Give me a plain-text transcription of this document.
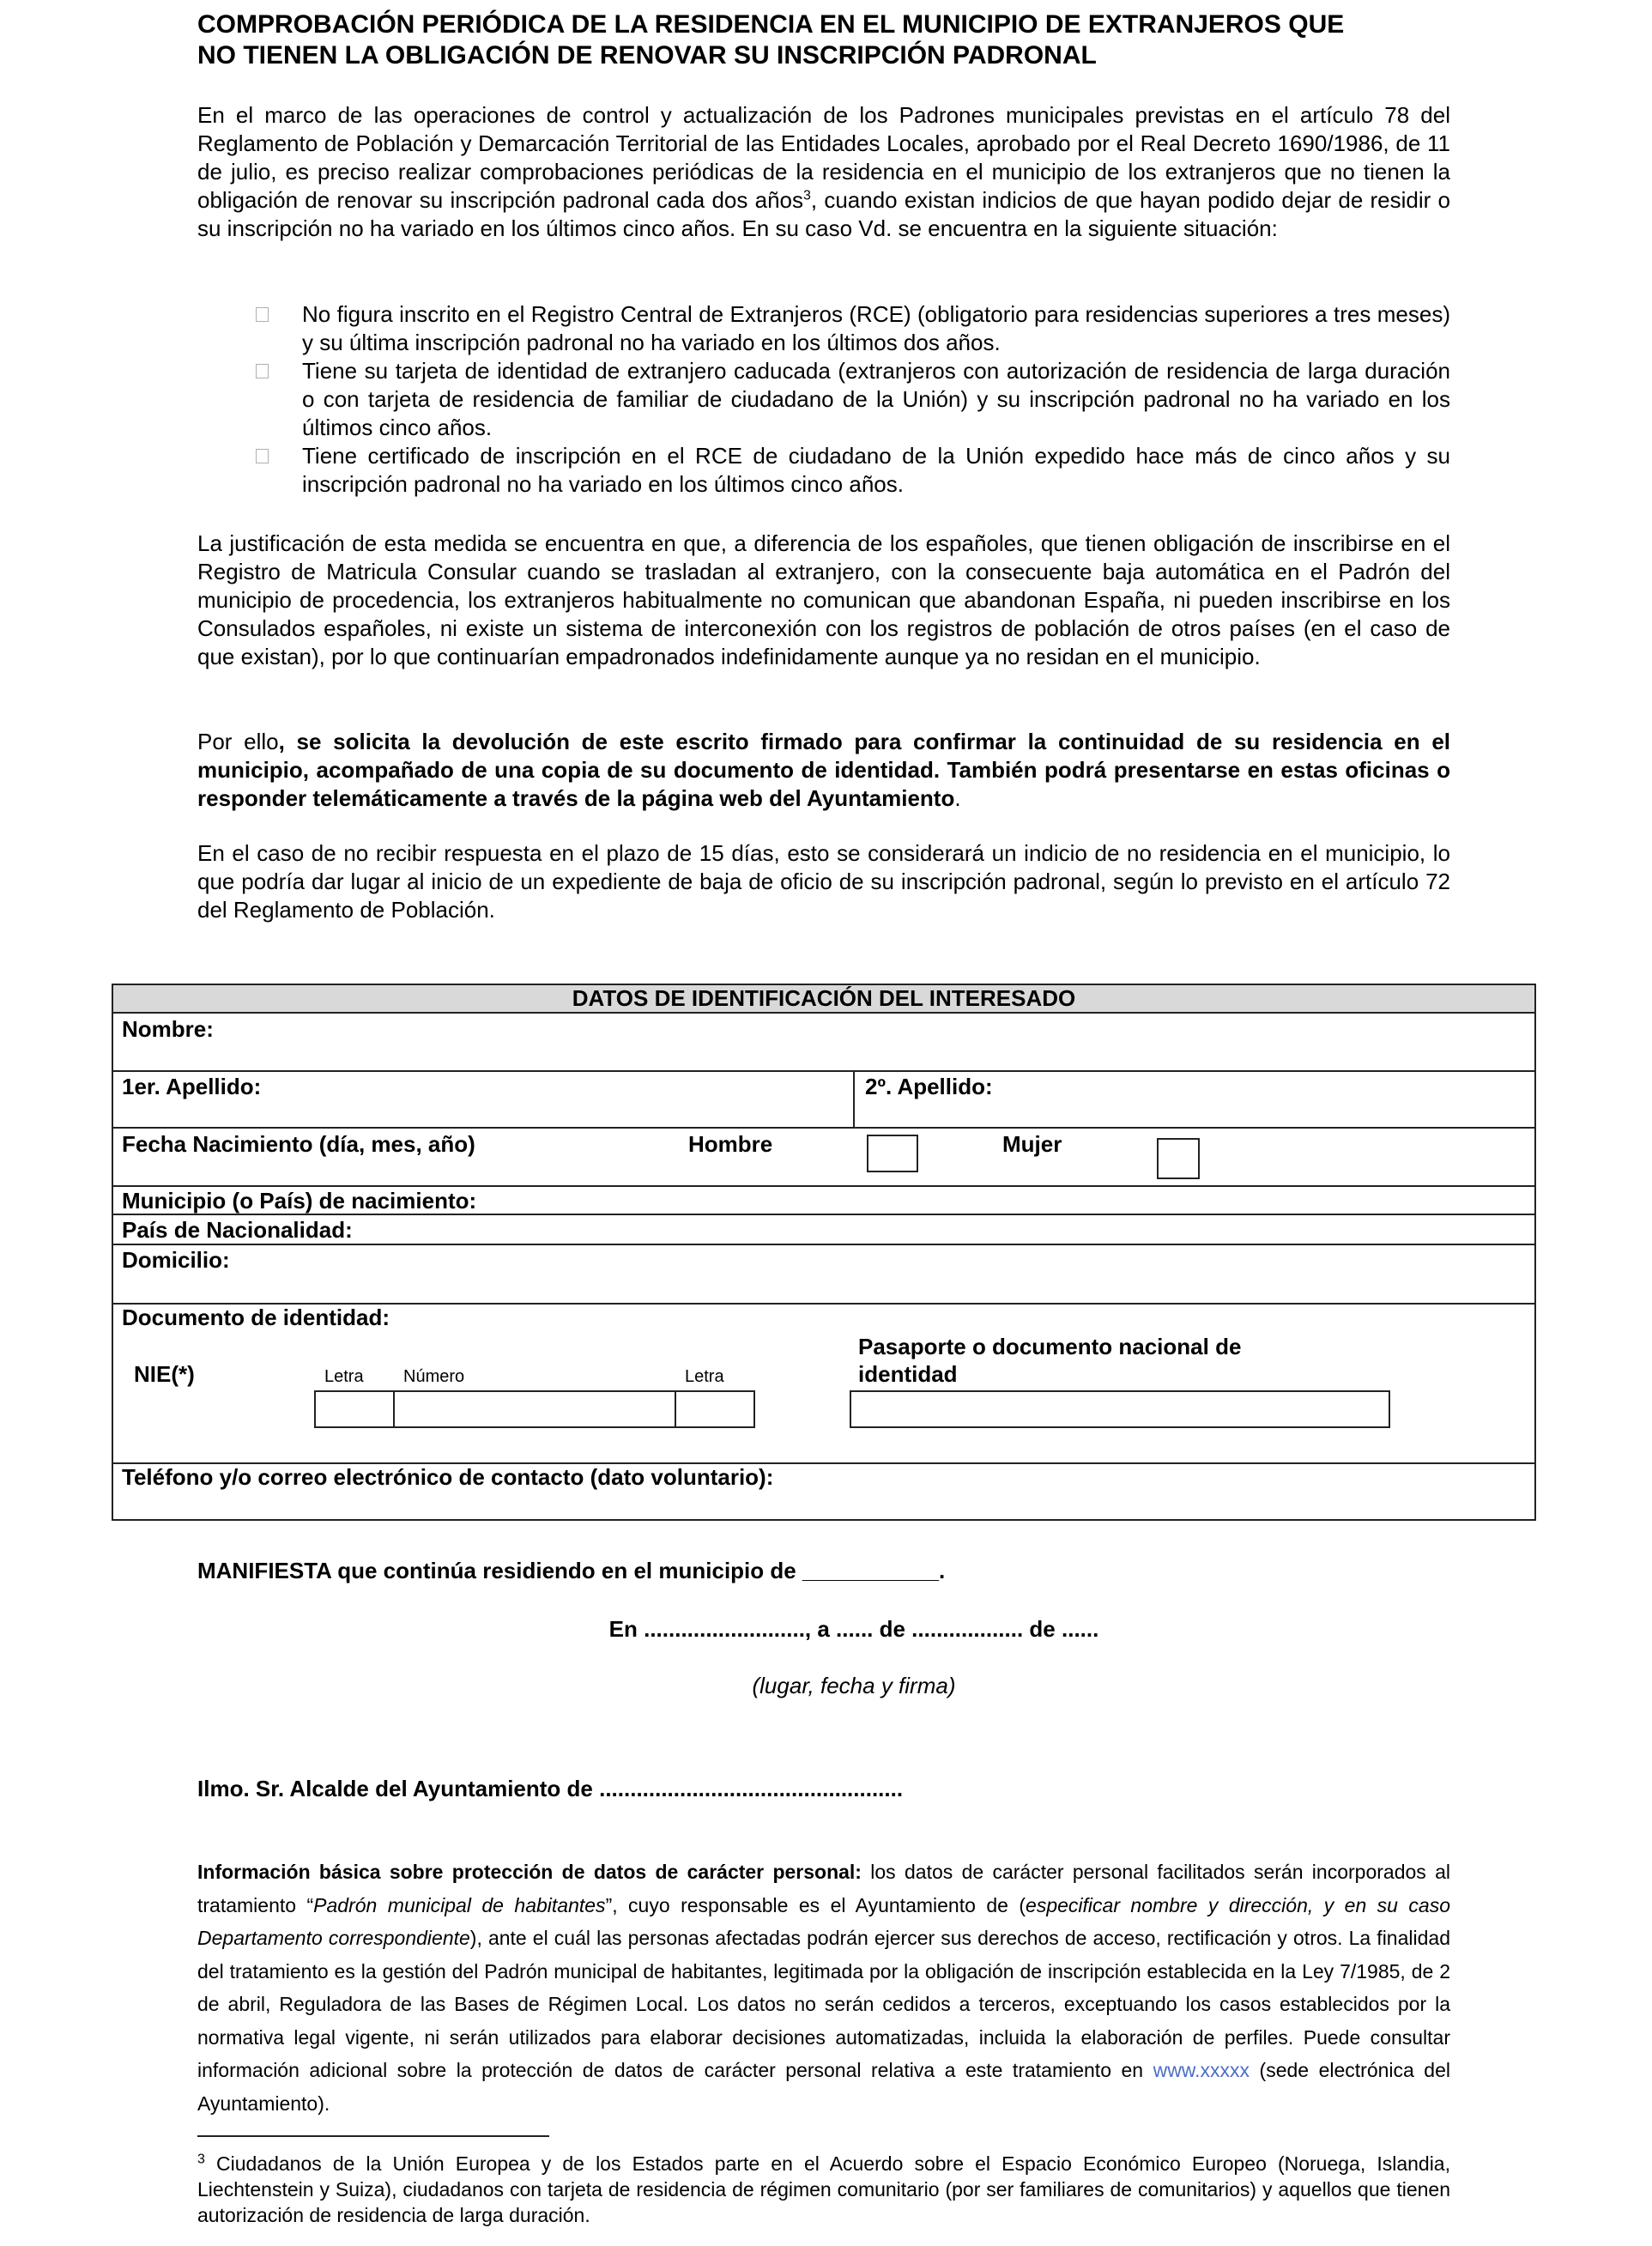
COMPROBACIÓN PERIÓDICA DE LA RESIDENCIA EN EL MUNICIPIO DE EXTRANJEROS QUE
NO TIENEN LA OBLIGACIÓN DE RENOVAR SU INSCRIPCIÓN PADRONAL
En el marco de las operaciones de control y actualización de los Padrones municipales previstas en el artículo 78 del Reglamento de Población y Demarcación Territorial de las Entidades Locales, aprobado por el Real Decreto 1690/1986, de 11 de julio, es preciso realizar comprobaciones periódicas de la residencia en el municipio de los extranjeros que no tienen la obligación de renovar su inscripción padronal cada dos años$^3$, cuando existan indicios de que hayan podido dejar de residir o su inscripción no ha variado en los últimos cinco años. En su caso Vd. se encuentra en la siguiente situación:
No figura inscrito en el Registro Central de Extranjeros (RCE) (obligatorio para residencias superiores a tres meses) y su última inscripción padronal no ha variado en los últimos dos años.
Tiene su tarjeta de identidad de extranjero caducada (extranjeros con autorización de residencia de larga duración o con tarjeta de residencia de familiar de ciudadano de la Unión) y su inscripción padronal no ha variado en los últimos cinco años.
Tiene certificado de inscripción en el RCE de ciudadano de la Unión expedido hace más de cinco años y su inscripción padronal no ha variado en los últimos cinco años.
La justificación de esta medida se encuentra en que, a diferencia de los españoles, que tienen obligación de inscribirse en el Registro de Matricula Consular cuando se trasladan al extranjero, con la consecuente baja automática en el Padrón del municipio de procedencia, los extranjeros habitualmente no comunican que abandonan España, ni pueden inscribirse en los Consulados españoles, ni existe un sistema de interconexión con los registros de población de otros países (en el caso de que existan), por lo que continuarían empadronados indefinidamente aunque ya no residan en el municipio.
Por ello, se solicita la devolución de este escrito firmado para confirmar la continuidad de su residencia en el municipio, acompañado de una copia de su documento de identidad. También podrá presentarse en estas oficinas o responder telemáticamente a través de la página web del Ayuntamiento.
En el caso de no recibir respuesta en el plazo de 15 días, esto se considerará un indicio de no residencia en el municipio, lo que podría dar lugar al inicio de un expediente de baja de oficio de su inscripción padronal, según lo previsto en el artículo 72 del Reglamento de Población.
DATOS DE IDENTIFICACIÓN DEL INTERESADO
Nombre:
1er. Apellido:	2º. Apellido:
Fecha Nacimiento (día, mes, año)	Hombre	Mujer
Municipio (o País) de nacimiento:
País de Nacionalidad:
Domicilio:
Documento de identidad:
NIE(*)	Letra Número	Letra
Pasaporte o documento nacional de
identidad
Teléfono y/o correo electrónico de contacto (dato voluntario):
MANIFIESTA que continúa residiendo en el municipio de ___________.
En .........................., a ...... de .................. de ......
(lugar, fecha y firma)
Ilmo. Sr. Alcalde del Ayuntamiento de .................................................
Información básica sobre protección de datos de carácter personal: los datos de carácter personal facilitados serán incorporados al tratamiento “Padrón municipal de habitantes”, cuyo responsable es el Ayuntamiento de (especificar nombre y dirección, y en su caso Departamento correspondiente), ante el cuál las personas afectadas podrán ejercer sus derechos de acceso, rectificación y otros. La finalidad del tratamiento es la gestión del Padrón municipal de habitantes, legitimada por la obligación de inscripción establecida en la Ley 7/1985, de 2 de abril, Reguladora de las Bases de Régimen Local. Los datos no serán cedidos a terceros, exceptuando los casos establecidos por la normativa legal vigente, ni serán utilizados para elaborar decisiones automatizadas, incluida la elaboración de perfiles. Puede consultar información adicional sobre la protección de datos de carácter personal relativa a este tratamiento en www.xxxxx (sede electrónica del Ayuntamiento).
$^3$ Ciudadanos de la Unión Europea y de los Estados parte en el Acuerdo sobre el Espacio Económico Europeo (Noruega, Islandia, Liechtenstein y Suiza), ciudadanos con tarjeta de residencia de régimen comunitario (por ser familiares de comunitarios) y aquellos que tienen autorización de residencia de larga duración.
